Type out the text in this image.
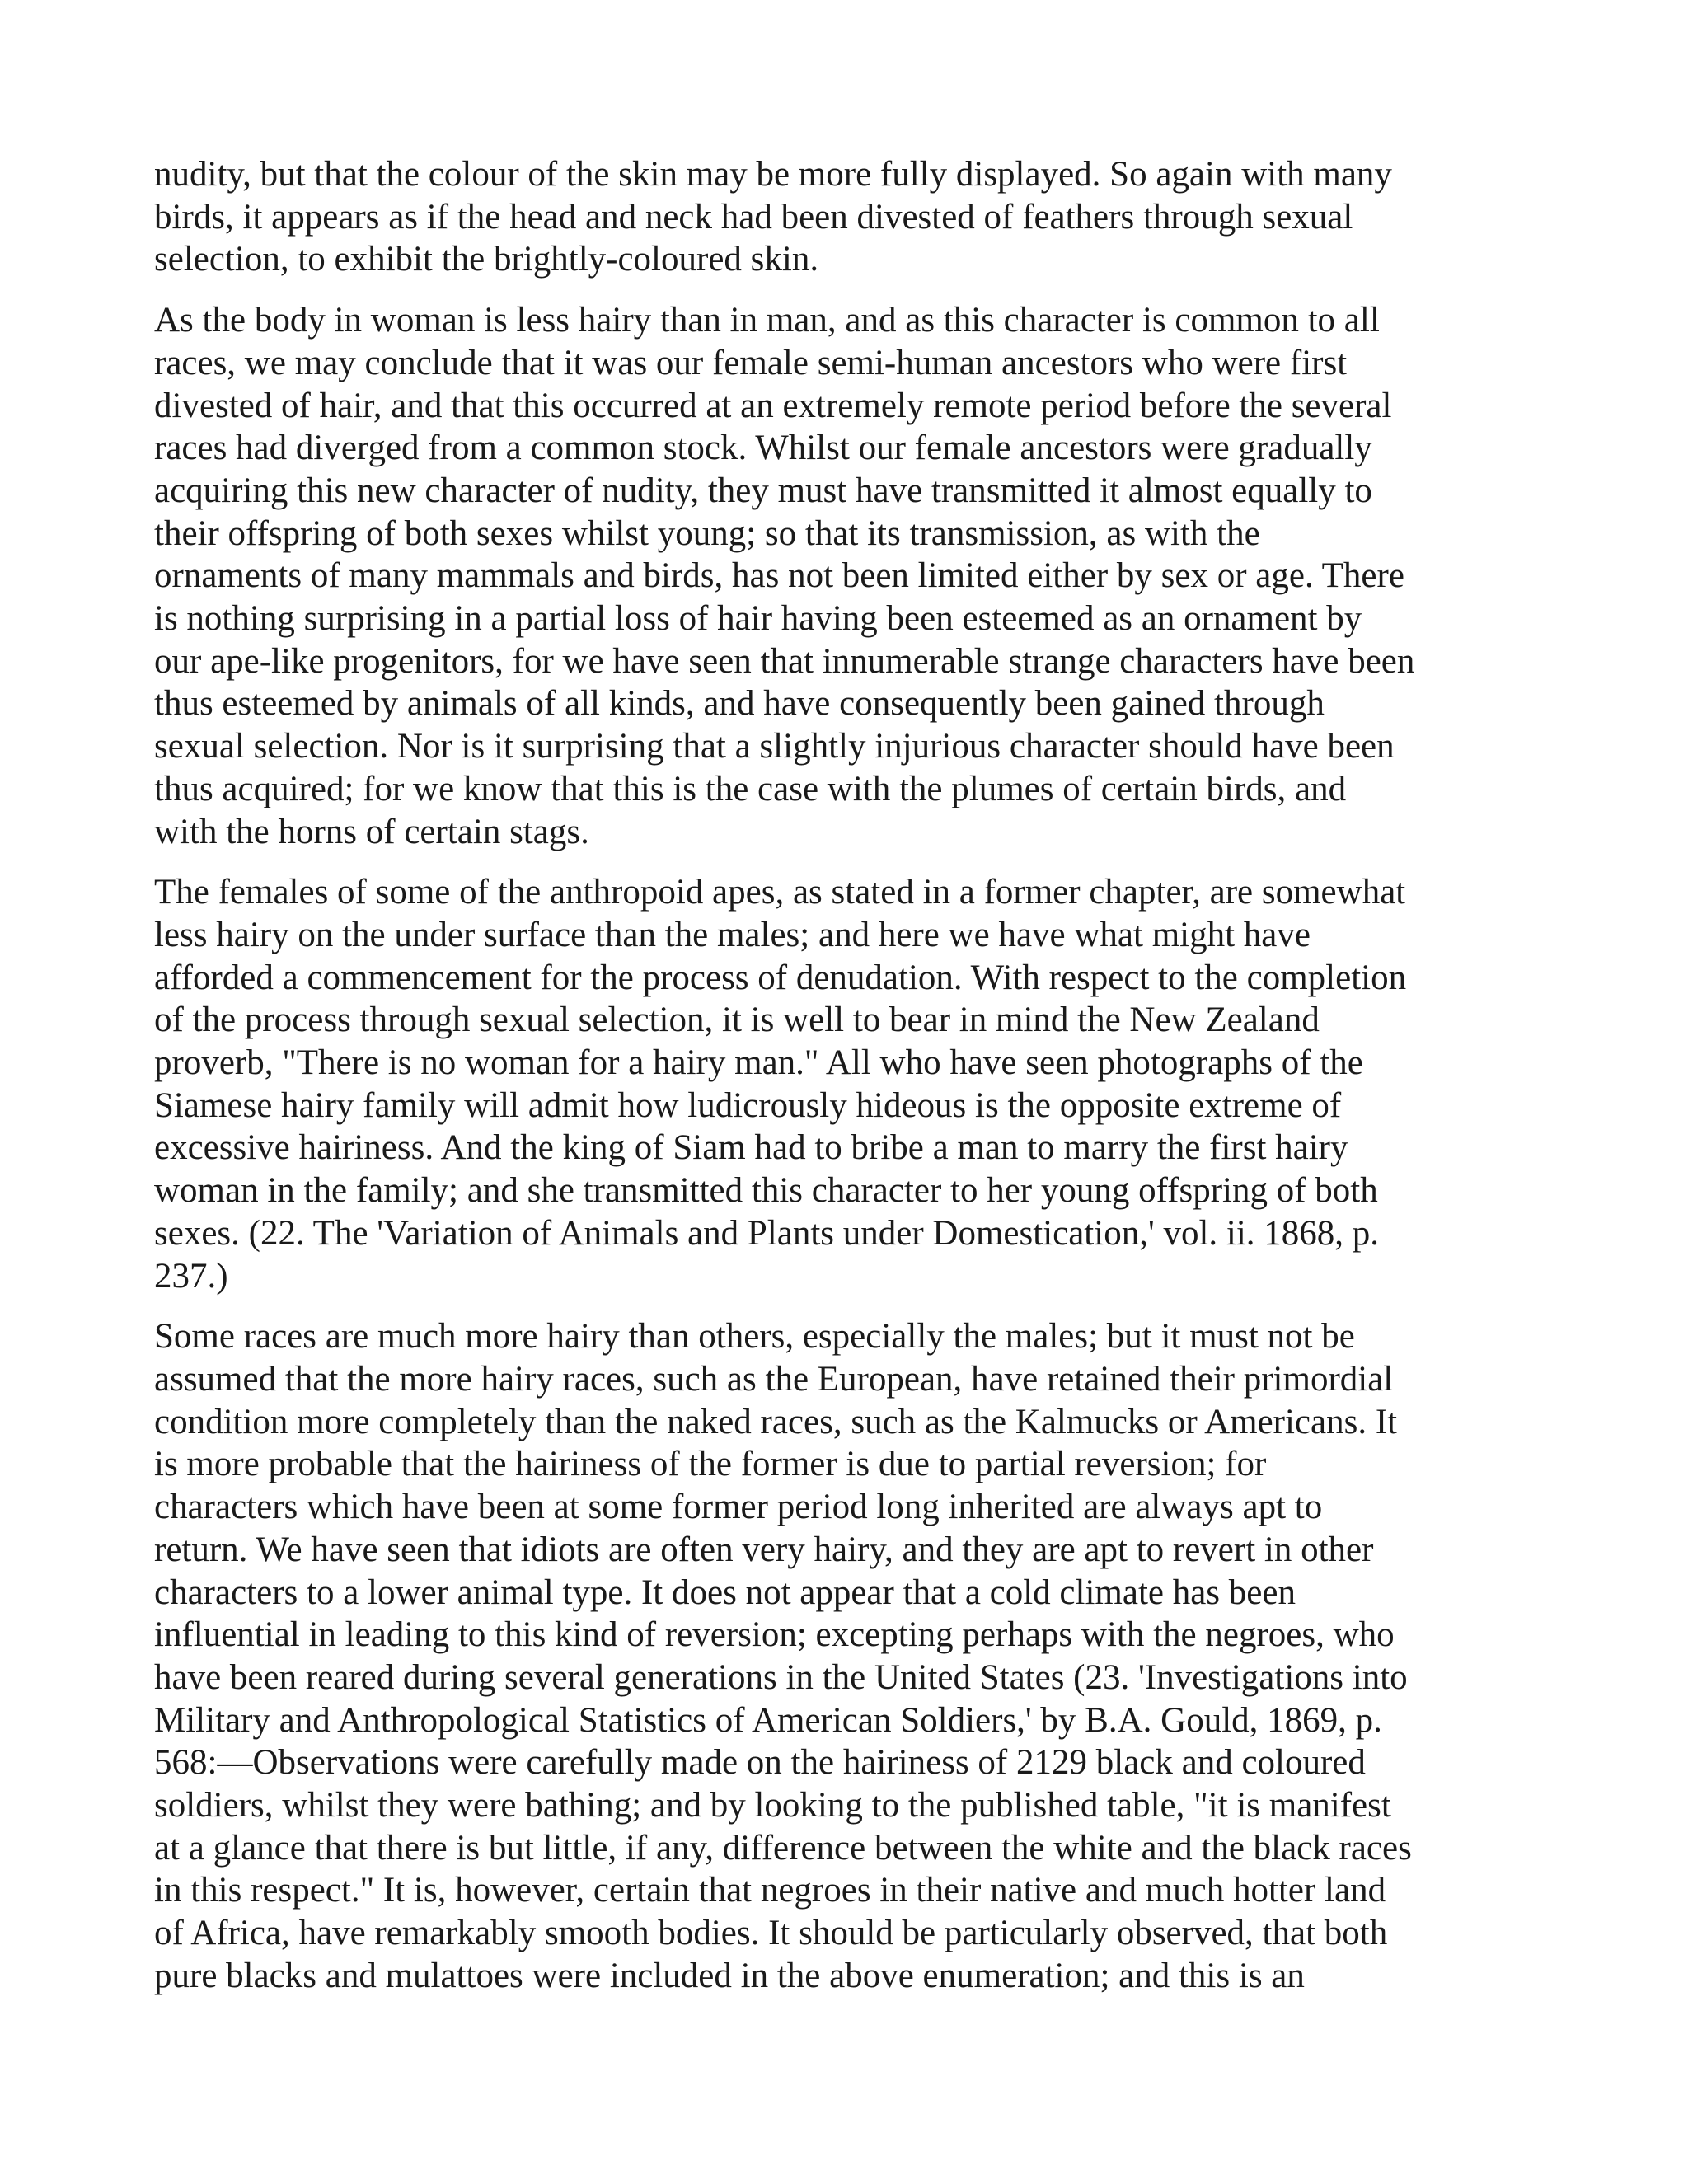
nudity, but that the colour of the skin may be more fully displayed. So again with many
birds, it appears as if the head and neck had been divested of feathers through sexual
selection, to exhibit the brightly-coloured skin.

As the body in woman is less hairy than in man, and as this character is common to all
races, we may conclude that it was our female semi-human ancestors who were first
divested of hair, and that this occurred at an extremely remote period before the several
races had diverged from a common stock. Whilst our female ancestors were gradually
acquiring this new character of nudity, they must have transmitted it almost equally to
their offspring of both sexes whilst young; so that its transmission, as with the
ornaments of many mammals and birds, has not been limited either by sex or age. There
is nothing surprising in a partial loss of hair having been esteemed as an ornament by
our ape-like progenitors, for we have seen that innumerable strange characters have been
thus esteemed by animals of all kinds, and have consequently been gained through
sexual selection. Nor is it surprising that a slightly injurious character should have been
thus acquired; for we know that this is the case with the plumes of certain birds, and
with the horns of certain stags.

The females of some of the anthropoid apes, as stated in a former chapter, are somewhat
less hairy on the under surface than the males; and here we have what might have
afforded a commencement for the process of denudation. With respect to the completion
of the process through sexual selection, it is well to bear in mind the New Zealand
proverb, "There is no woman for a hairy man." All who have seen photographs of the
Siamese hairy family will admit how ludicrously hideous is the opposite extreme of
excessive hairiness. And the king of Siam had to bribe a man to marry the first hairy
woman in the family; and she transmitted this character to her young offspring of both
sexes. (22. The 'Variation of Animals and Plants under Domestication,' vol. ii. 1868, p.
237.)

Some races are much more hairy than others, especially the males; but it must not be
assumed that the more hairy races, such as the European, have retained their primordial
condition more completely than the naked races, such as the Kalmucks or Americans. It
is more probable that the hairiness of the former is due to partial reversion; for
characters which have been at some former period long inherited are always apt to
return. We have seen that idiots are often very hairy, and they are apt to revert in other
characters to a lower animal type. It does not appear that a cold climate has been
influential in leading to this kind of reversion; excepting perhaps with the negroes, who
have been reared during several generations in the United States (23. 'Investigations into
Military and Anthropological Statistics of American Soldiers,' by B.A. Gould, 1869, p.
568:—Observations were carefully made on the hairiness of 2129 black and coloured
soldiers, whilst they were bathing; and by looking to the published table, "it is manifest
at a glance that there is but little, if any, difference between the white and the black races
in this respect." It is, however, certain that negroes in their native and much hotter land
of Africa, have remarkably smooth bodies. It should be particularly observed, that both
pure blacks and mulattoes were included in the above enumeration; and this is an
